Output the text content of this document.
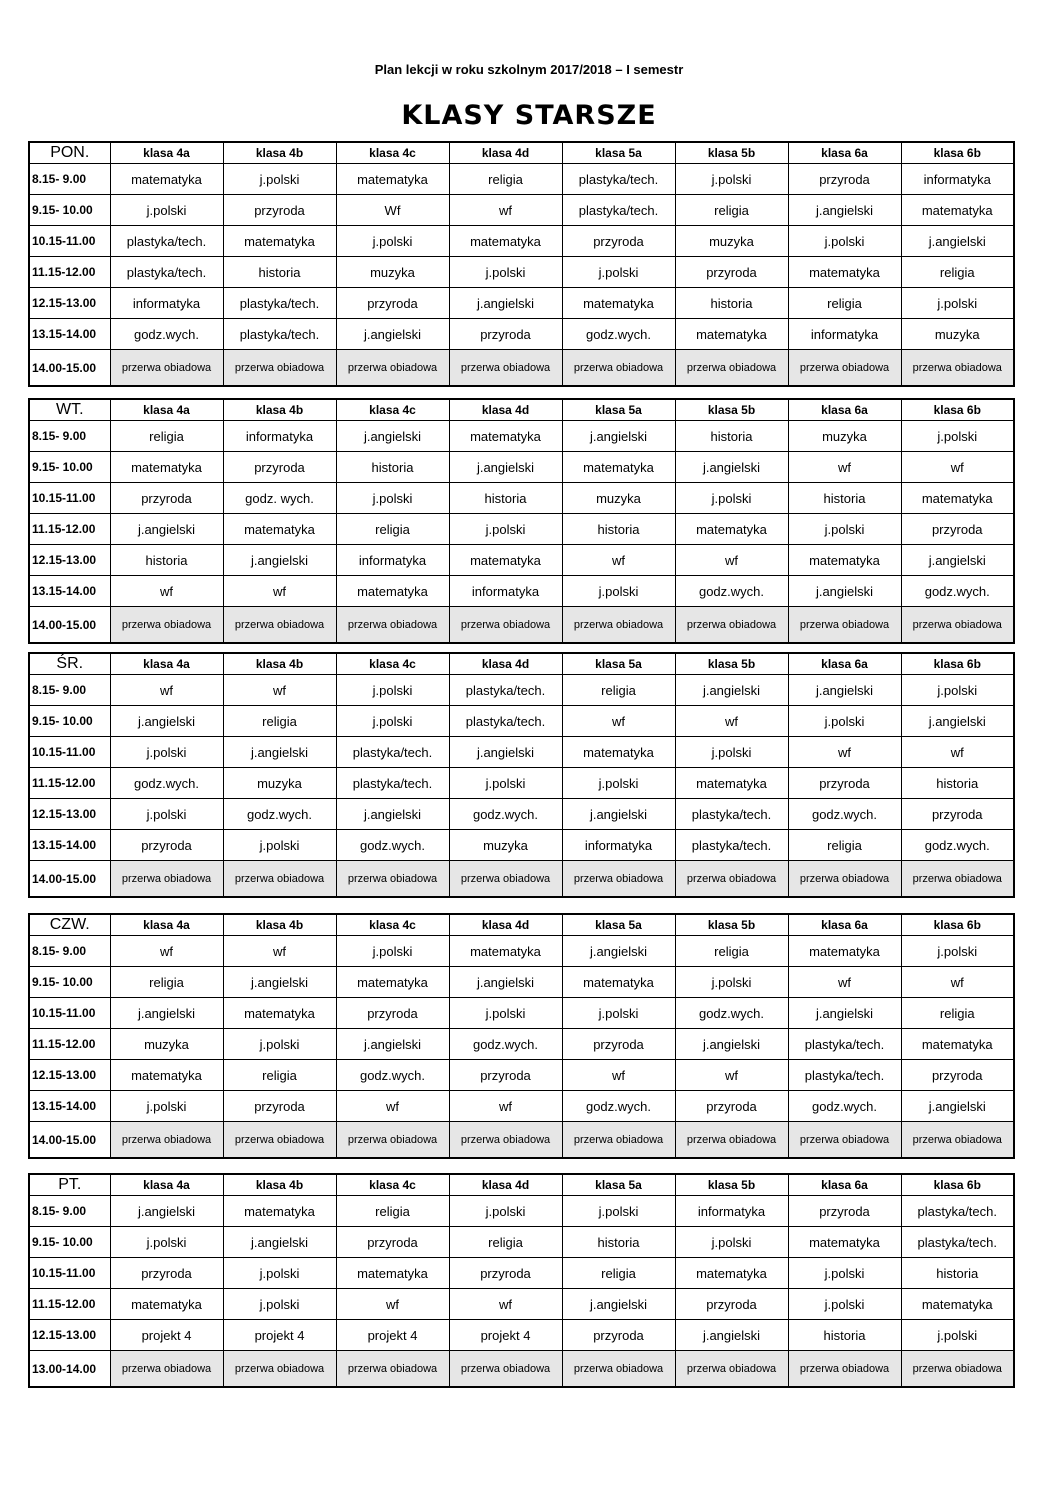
Plan lekcji w roku szkolnym 2017/2018 – I semestr
KLASY STARSZE
PON.	klasa 4a	klasa 4b	klasa 4c	klasa 4d	klasa 5a	klasa 5b	klasa 6a	klasa 6b
8.15- 9.00	matematyka	j.polski	matematyka	religia	plastyka/tech.	j.polski	przyroda	informatyka
9.15- 10.00	j.polski	przyroda	Wf	wf	plastyka/tech.	religia	j.angielski	matematyka
10.15-11.00	plastyka/tech.	matematyka	j.polski	matematyka	przyroda	muzyka	j.polski	j.angielski
11.15-12.00	plastyka/tech.	historia	muzyka	j.polski	j.polski	przyroda	matematyka	religia
12.15-13.00	informatyka	plastyka/tech.	przyroda	j.angielski	matematyka	historia	religia	j.polski
13.15-14.00	godz.wych.	plastyka/tech.	j.angielski	przyroda	godz.wych.	matematyka	informatyka	muzyka
14.00-15.00	przerwa obiadowa	przerwa obiadowa	przerwa obiadowa	przerwa obiadowa	przerwa obiadowa	przerwa obiadowa	przerwa obiadowa	przerwa obiadowa
WT.	klasa 4a	klasa 4b	klasa 4c	klasa 4d	klasa 5a	klasa 5b	klasa 6a	klasa 6b
8.15- 9.00	religia	informatyka	j.angielski	matematyka	j.angielski	historia	muzyka	j.polski
9.15- 10.00	matematyka	przyroda	historia	j.angielski	matematyka	j.angielski	wf	wf
10.15-11.00	przyroda	godz. wych.	j.polski	historia	muzyka	j.polski	historia	matematyka
11.15-12.00	j.angielski	matematyka	religia	j.polski	historia	matematyka	j.polski	przyroda
12.15-13.00	historia	j.angielski	informatyka	matematyka	wf	wf	matematyka	j.angielski
13.15-14.00	wf	wf	matematyka	informatyka	j.polski	godz.wych.	j.angielski	godz.wych.
14.00-15.00	przerwa obiadowa	przerwa obiadowa	przerwa obiadowa	przerwa obiadowa	przerwa obiadowa	przerwa obiadowa	przerwa obiadowa	przerwa obiadowa
ŚR.	klasa 4a	klasa 4b	klasa 4c	klasa 4d	klasa 5a	klasa 5b	klasa 6a	klasa 6b
8.15- 9.00	wf	wf	j.polski	plastyka/tech.	religia	j.angielski	j.angielski	j.polski
9.15- 10.00	j.angielski	religia	j.polski	plastyka/tech.	wf	wf	j.polski	j.angielski
10.15-11.00	j.polski	j.angielski	plastyka/tech.	j.angielski	matematyka	j.polski	wf	wf
11.15-12.00	godz.wych.	muzyka	plastyka/tech.	j.polski	j.polski	matematyka	przyroda	historia
12.15-13.00	j.polski	godz.wych.	j.angielski	godz.wych.	j.angielski	plastyka/tech.	godz.wych.	przyroda
13.15-14.00	przyroda	j.polski	godz.wych.	muzyka	informatyka	plastyka/tech.	religia	godz.wych.
14.00-15.00	przerwa obiadowa	przerwa obiadowa	przerwa obiadowa	przerwa obiadowa	przerwa obiadowa	przerwa obiadowa	przerwa obiadowa	przerwa obiadowa
CZW.	klasa 4a	klasa 4b	klasa 4c	klasa 4d	klasa 5a	klasa 5b	klasa 6a	klasa 6b
8.15- 9.00	wf	wf	j.polski	matematyka	j.angielski	religia	matematyka	j.polski
9.15- 10.00	religia	j.angielski	matematyka	j.angielski	matematyka	j.polski	wf	wf
10.15-11.00	j.angielski	matematyka	przyroda	j.polski	j.polski	godz.wych.	j.angielski	religia
11.15-12.00	muzyka	j.polski	j.angielski	godz.wych.	przyroda	j.angielski	plastyka/tech.	matematyka
12.15-13.00	matematyka	religia	godz.wych.	przyroda	wf	wf	plastyka/tech.	przyroda
13.15-14.00	j.polski	przyroda	wf	wf	godz.wych.	przyroda	godz.wych.	j.angielski
14.00-15.00	przerwa obiadowa	przerwa obiadowa	przerwa obiadowa	przerwa obiadowa	przerwa obiadowa	przerwa obiadowa	przerwa obiadowa	przerwa obiadowa
PT.	klasa 4a	klasa 4b	klasa 4c	klasa 4d	klasa 5a	klasa 5b	klasa 6a	klasa 6b
8.15- 9.00	j.angielski	matematyka	religia	j.polski	j.polski	informatyka	przyroda	plastyka/tech.
9.15- 10.00	j.polski	j.angielski	przyroda	religia	historia	j.polski	matematyka	plastyka/tech.
10.15-11.00	przyroda	j.polski	matematyka	przyroda	religia	matematyka	j.polski	historia
11.15-12.00	matematyka	j.polski	wf	wf	j.angielski	przyroda	j.polski	matematyka
12.15-13.00	projekt 4	projekt 4	projekt 4	projekt 4	przyroda	j.angielski	historia	j.polski
13.00-14.00	przerwa obiadowa	przerwa obiadowa	przerwa obiadowa	przerwa obiadowa	przerwa obiadowa	przerwa obiadowa	przerwa obiadowa	przerwa obiadowa
